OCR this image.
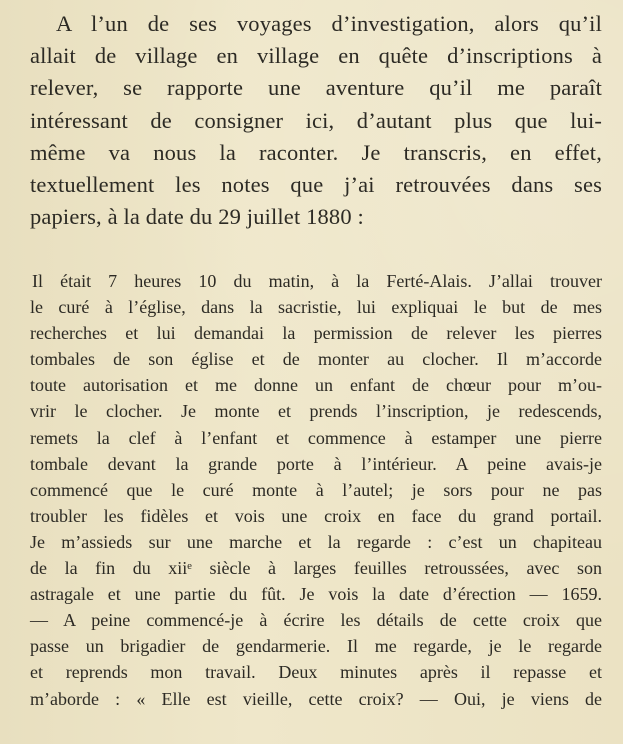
A l’un de ses voyages d’investigation, alors qu’il
allait de village en village en quête d’inscriptions à
relever, se rapporte une aventure qu’il me paraît
intéressant de consigner ici, d’autant plus que lui-
même va nous la raconter. Je transcris, en effet,
textuellement les notes que j’ai retrouvées dans ses
papiers, à la date du 29 juillet 1880 :
Il était 7 heures 10 du matin, à la Ferté-Alais. J’allai trouver
le curé à l’église, dans la sacristie, lui expliquai le but de mes
recherches et lui demandai la permission de relever les pierres
tombales de son église et de monter au clocher. Il m’accorde
toute autorisation et me donne un enfant de chœur pour m’ou-
vrir le clocher. Je monte et prends l’inscription, je redescends,
remets la clef à l’enfant et commence à estamper une pierre
tombale devant la grande porte à l’intérieur. A peine avais-je
commencé que le curé monte à l’autel; je sors pour ne pas
troubler les fidèles et vois une croix en face du grand portail.
Je m’assieds sur une marche et la regarde : c’est un chapiteau
de la fin du xiiᵉ siècle à larges feuilles retroussées, avec son
astragale et une partie du fût. Je vois la date d’érection — 1659.
— A peine commencé-je à écrire les détails de cette croix que
passe un brigadier de gendarmerie. Il me regarde, je le regarde
et reprends mon travail. Deux minutes après il repasse et
m’aborde : « Elle est vieille, cette croix? — Oui, je viens de
